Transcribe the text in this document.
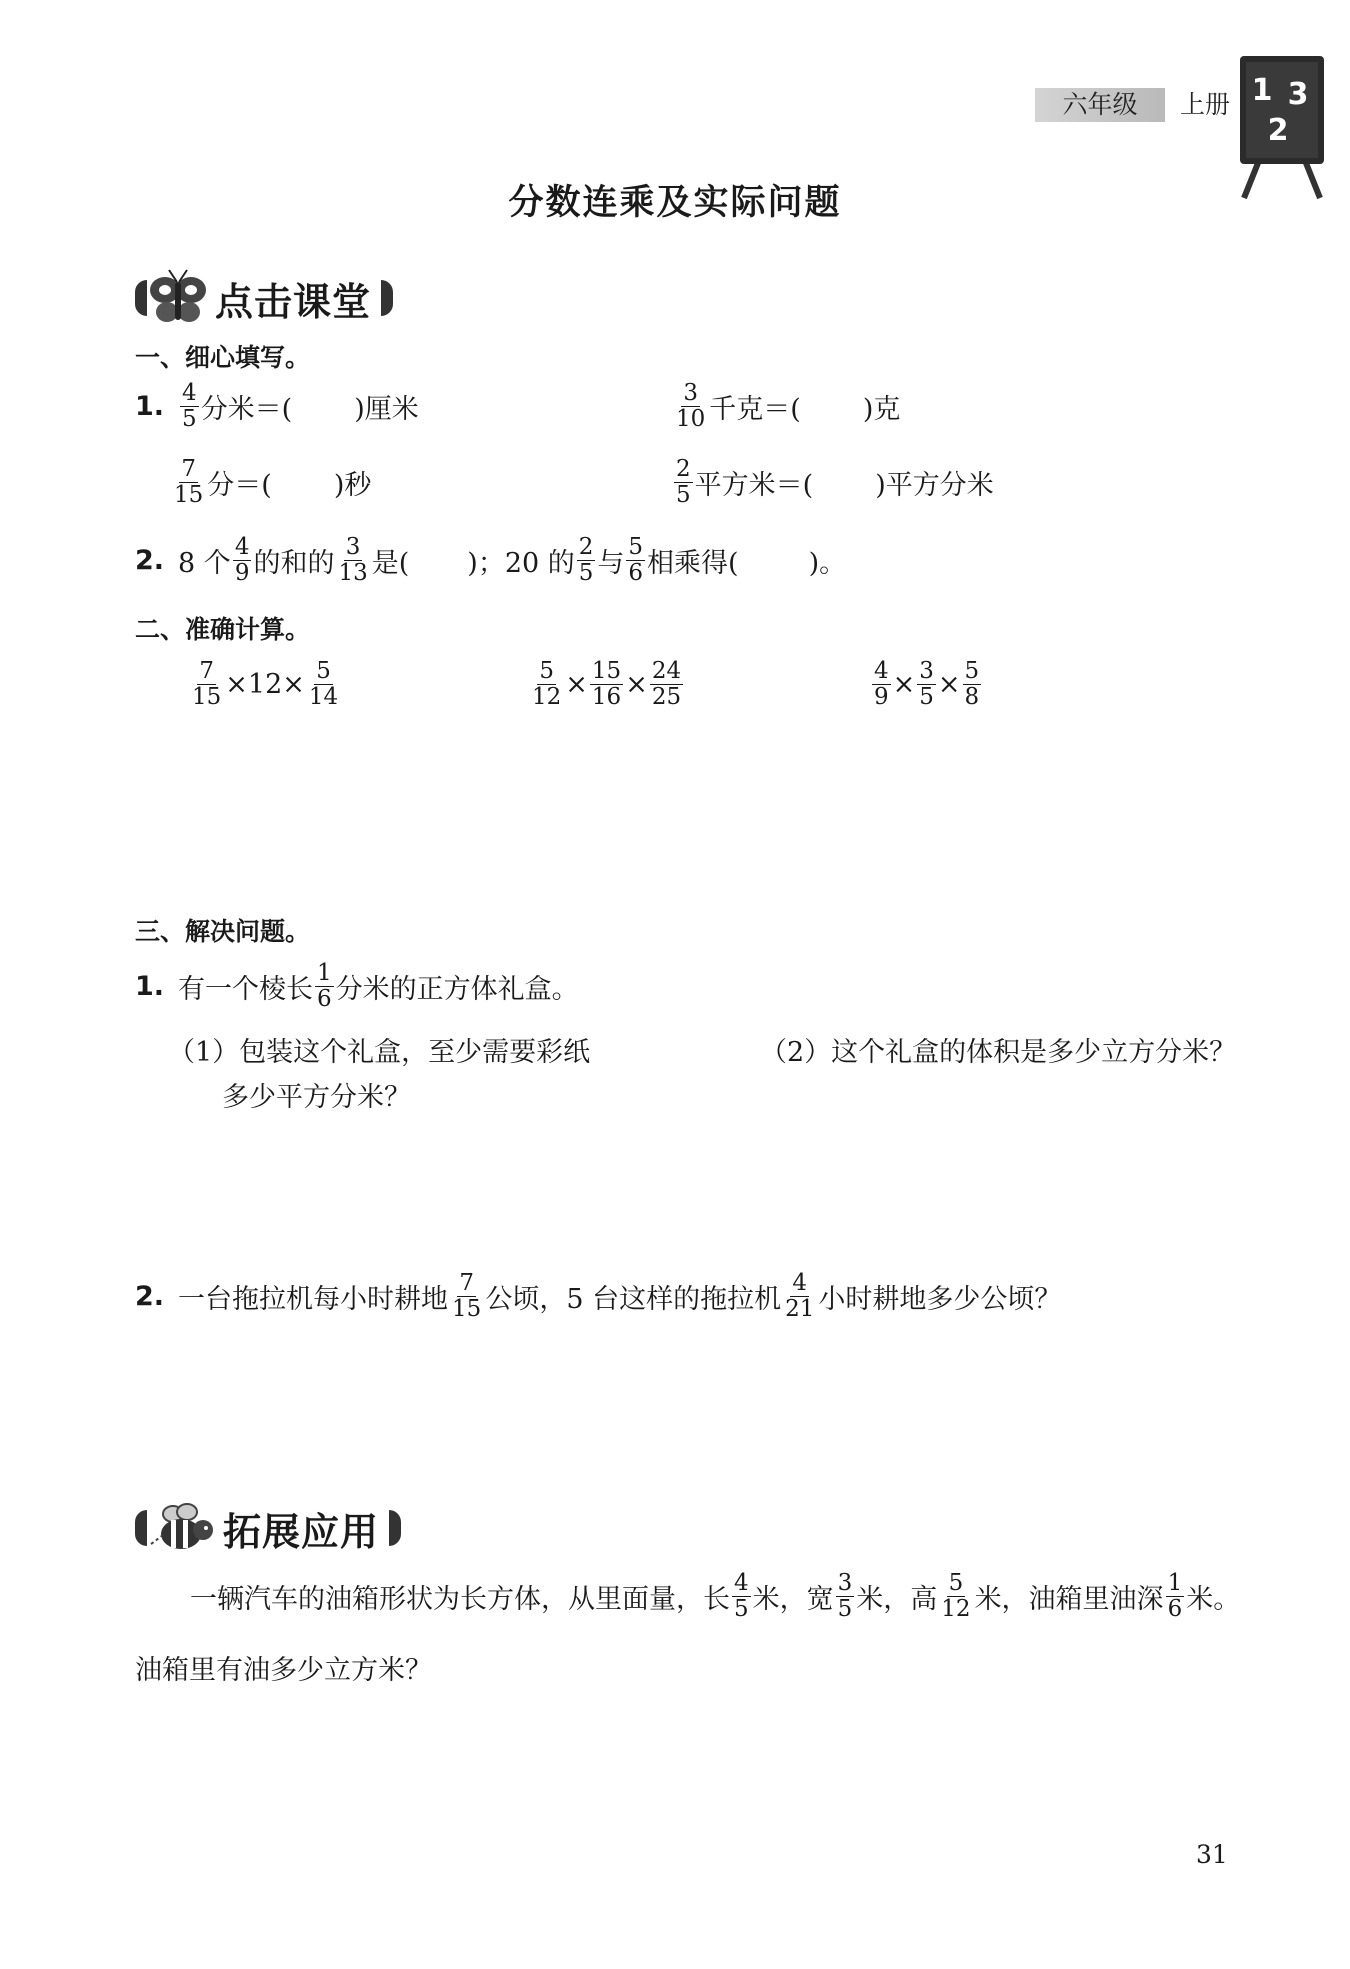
六年级	上册 1 3
2
分数连乘及实际问题
点击课堂
一、细心填写。
1. $\frac{4}{5}$ 分米＝( )厘米	$\frac{3}{10}$ 千克＝( )克
$\frac{7}{15}$ 分＝( )秒	$\frac{2}{5}$ 平方米＝( )平方分米
2. 8 个 $\frac{4}{9}$ 的和的 $\frac{3}{13}$ 是( )；20 的 $\frac{2}{5}$ 与 $\frac{5}{6}$ 相乘得(	)。
二、准确计算。
$\frac{7}{15} \times 12\times \frac{5}{14}$	$\frac{5}{12} \times \frac{15}{16} \times \frac{24}{25}$	$\frac{4}{9} \times \frac{3}{5} \times \frac{5}{8}$
三、解决问题。
1. 有一个棱长 $\frac{1}{6}$ 分米的正方体礼盒。
（1）包装这个礼盒，至少需要彩纸
多少平方分米？
（2）这个礼盒的体积是多少立方分米？
2. 一台拖拉机每小时耕地 $\frac{7}{15}$ 公顷，5 台这样的拖拉机 $\frac{4}{21}$ 小时耕地多少公顷？
拓展应用
一辆汽车的油箱形状为长方体，从里面量，长 $\frac{4}{5}$ 米，宽 $\frac{3}{5}$ 米，高 $\frac{5}{12}$ 米，油箱里油深 $\frac{1}{6}$ 米。
油箱里有油多少立方米？
31
